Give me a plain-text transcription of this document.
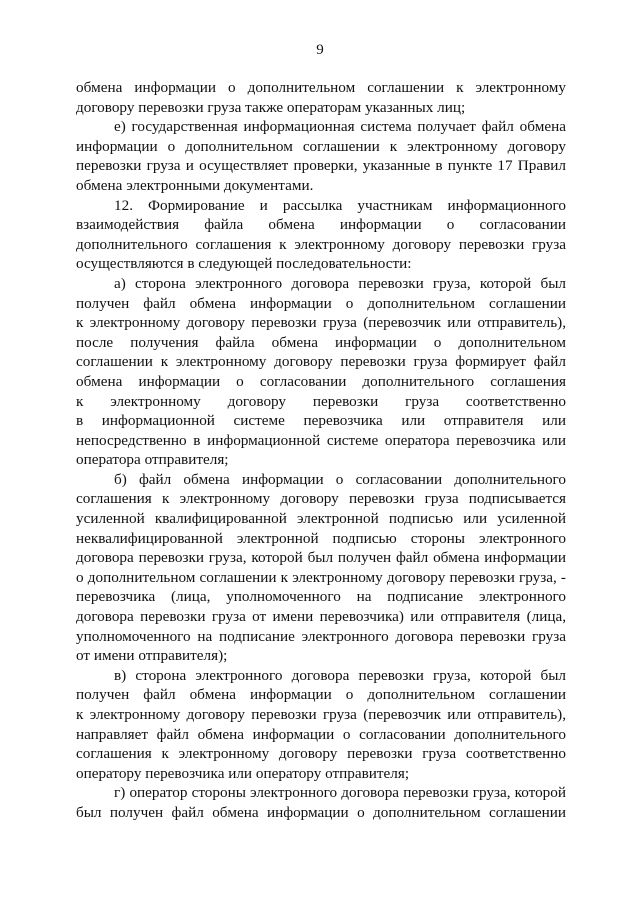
9
обмена информации о дополнительном соглашении к электронному
договору перевозки груза также операторам указанных лиц;
е) государственная информационная система получает файл обмена
информации о дополнительном соглашении к электронному договору
перевозки груза и осуществляет проверки, указанные в пункте 17 Правил
обмена электронными документами.
12. Формирование и рассылка участникам информационного
взаимодействия файла обмена информации о согласовании
дополнительного соглашения к электронному договору перевозки груза
осуществляются в следующей последовательности:
а) сторона электронного договора перевозки груза, которой был
получен файл обмена информации о дополнительном соглашении
к электронному договору перевозки груза (перевозчик или отправитель),
после получения файла обмена информации о дополнительном
соглашении к электронному договору перевозки груза формирует файл
обмена информации о согласовании дополнительного соглашения
к электронному договору перевозки груза соответственно
в информационной системе перевозчика или отправителя или
непосредственно в информационной системе оператора перевозчика или
оператора отправителя;
б) файл обмена информации о согласовании дополнительного
соглашения к электронному договору перевозки груза подписывается
усиленной квалифицированной электронной подписью или усиленной
неквалифицированной электронной подписью стороны электронного
договора перевозки груза, которой был получен файл обмена информации
о дополнительном соглашении к электронному договору перевозки груза, -
перевозчика (лица, уполномоченного на подписание электронного
договора перевозки груза от имени перевозчика) или отправителя (лица,
уполномоченного на подписание электронного договора перевозки груза
от имени отправителя);
в) сторона электронного договора перевозки груза, которой был
получен файл обмена информации о дополнительном соглашении
к электронному договору перевозки груза (перевозчик или отправитель),
направляет файл обмена информации о согласовании дополнительного
соглашения к электронному договору перевозки груза соответственно
оператору перевозчика или оператору отправителя;
г) оператор стороны электронного договора перевозки груза, которой
был получен файл обмена информации о дополнительном соглашении
